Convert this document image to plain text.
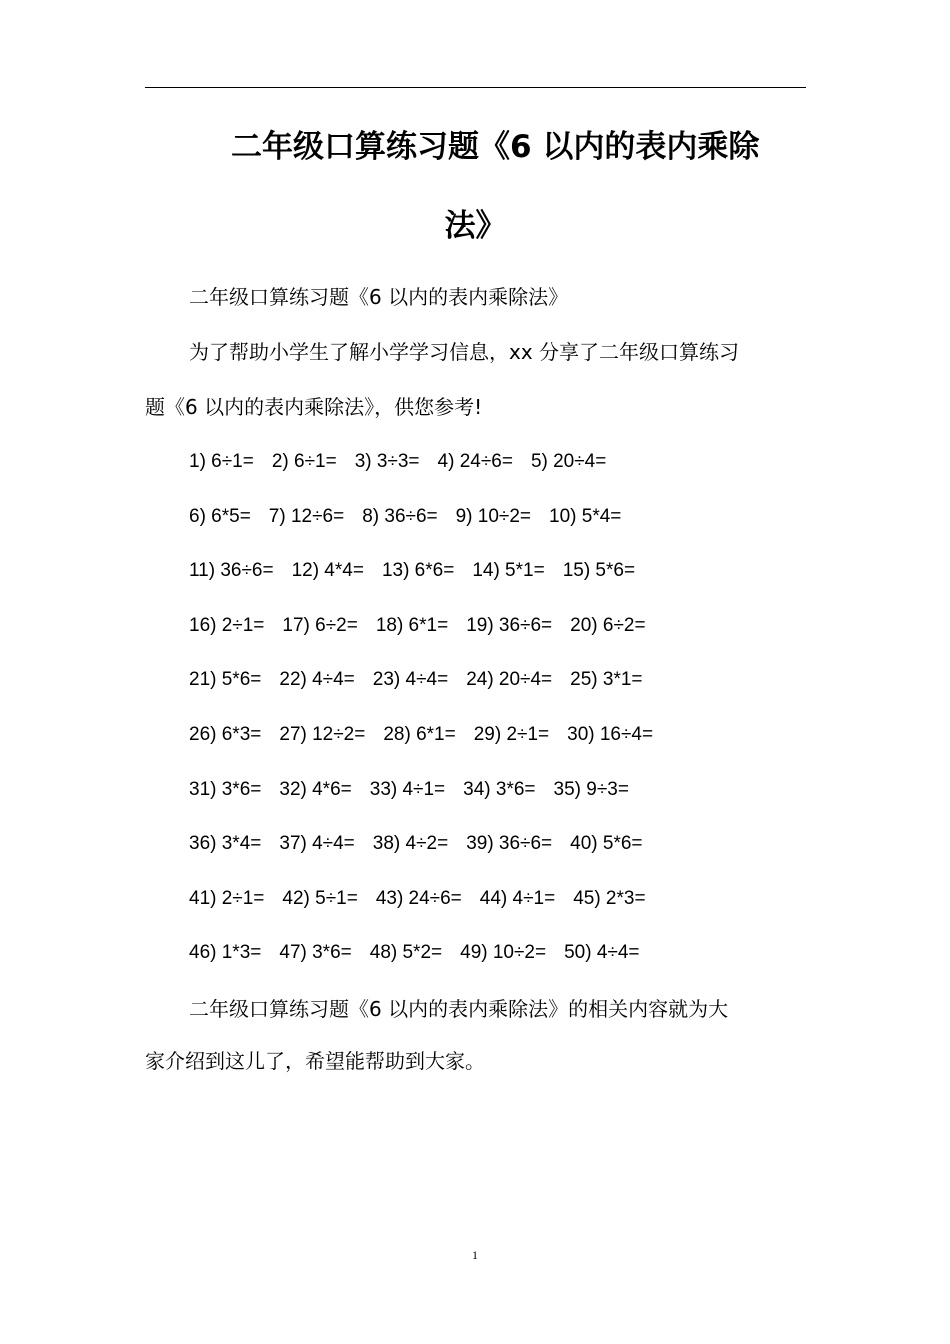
二年级口算练习题《6 以内的表内乘除
法》
二年级口算练习题《6 以内的表内乘除法》
为了帮助小学生了解小学学习信息，xx 分享了二年级口算练习
题《6 以内的表内乘除法》，供您参考!
1) 6÷1= 2) 6÷1= 3) 3÷3= 4) 24÷6= 5) 20÷4=
6) 6*5= 7) 12÷6= 8) 36÷6= 9) 10÷2= 10) 5*4=
11) 36÷6= 12) 4*4= 13) 6*6= 14) 5*1= 15) 5*6=
16) 2÷1= 17) 6÷2= 18) 6*1= 19) 36÷6= 20) 6÷2=
21) 5*6= 22) 4÷4= 23) 4÷4= 24) 20÷4= 25) 3*1=
26) 6*3= 27) 12÷2= 28) 6*1= 29) 2÷1= 30) 16÷4=
31) 3*6= 32) 4*6= 33) 4÷1= 34) 3*6= 35) 9÷3=
36) 3*4= 37) 4÷4= 38) 4÷2= 39) 36÷6= 40) 5*6=
41) 2÷1= 42) 5÷1= 43) 24÷6= 44) 4÷1= 45) 2*3=
46) 1*3= 47) 3*6= 48) 5*2= 49) 10÷2= 50) 4÷4=
二年级口算练习题《6 以内的表内乘除法》的相关内容就为大
家介绍到这儿了，希望能帮助到大家。
1
